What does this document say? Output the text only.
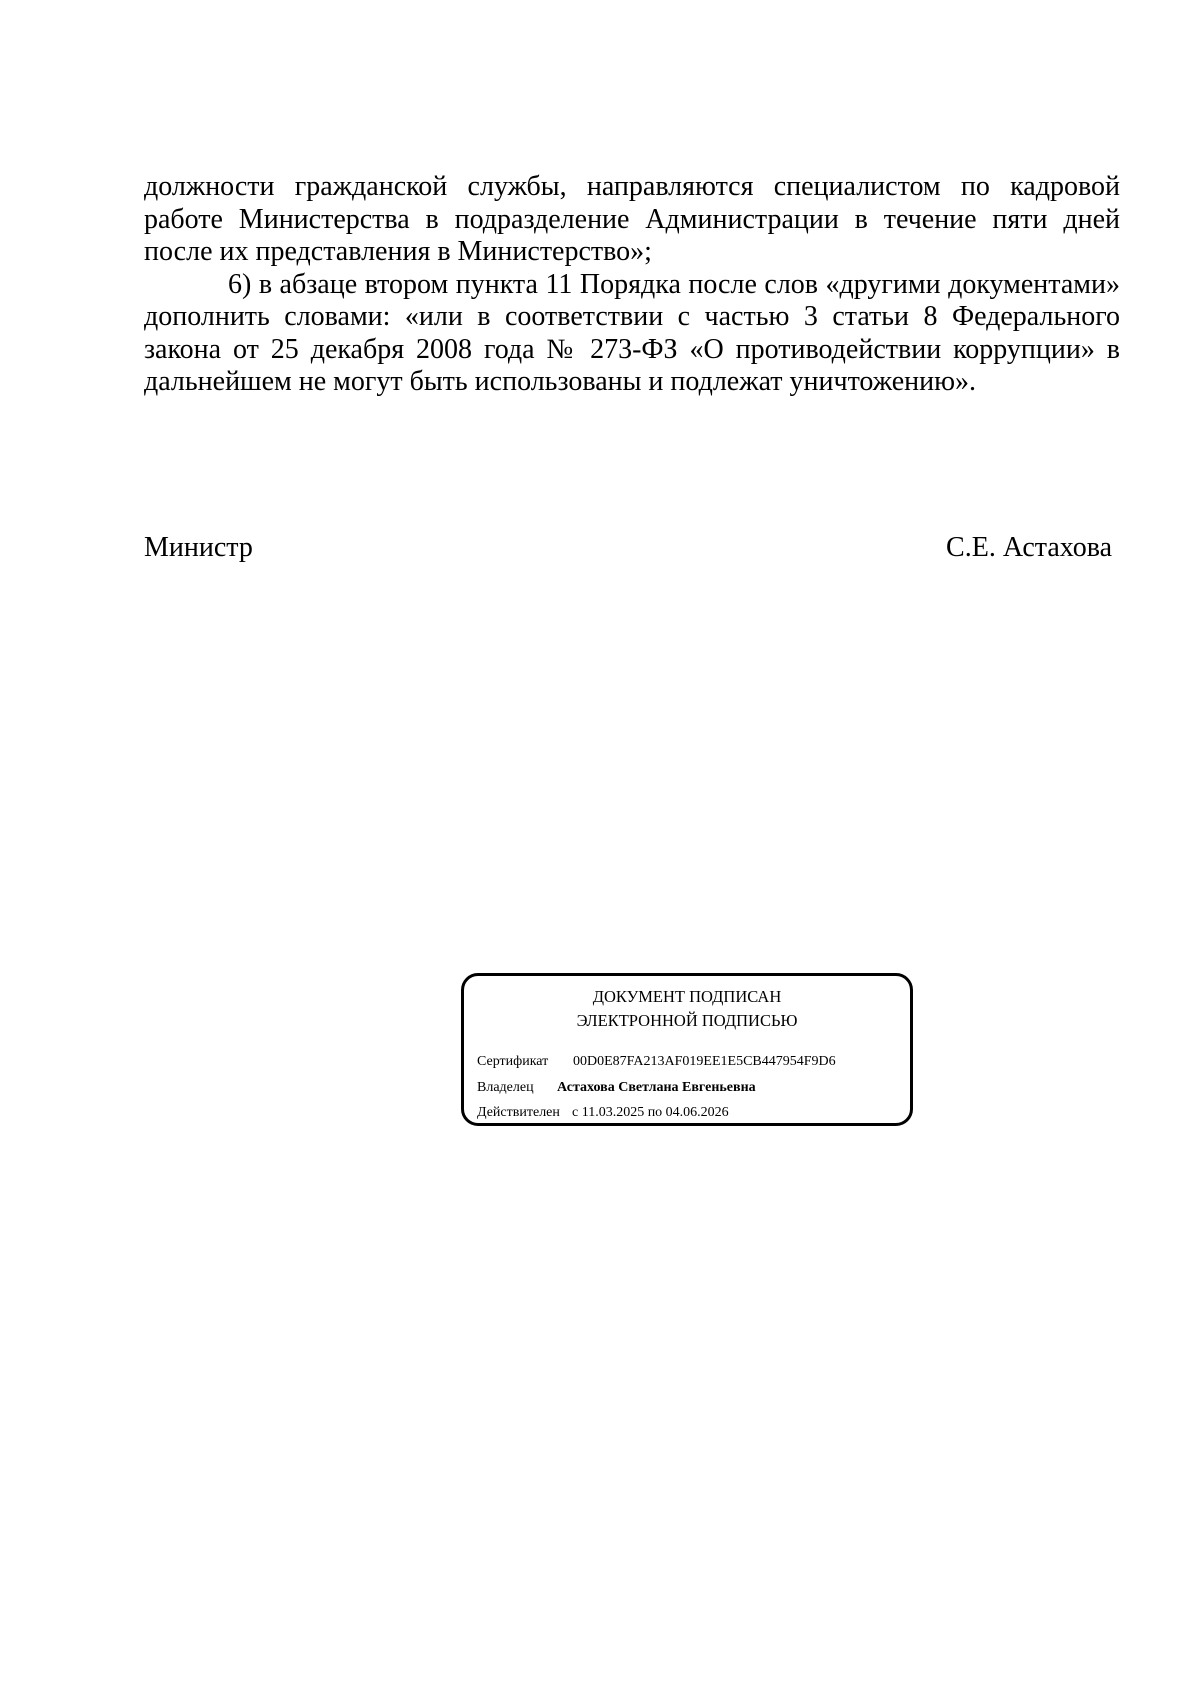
должности гражданской службы, направляются специалистом по кадровой работе Министерства в подразделение Администрации в течение пяти дней после их представления в Министерство»;

6) в абзаце втором пункта 11 Порядка после слов «другими документами» дополнить словами: «или в соответствии с частью 3 статьи 8 Федерального закона от 25 декабря 2008 года № 273-ФЗ «О противодействии коррупции» в дальнейшем не могут быть использованы и подлежат уничтожению».

Министр	С.Е. Астахова
ДОКУМЕНТ ПОДПИСАН
ЭЛЕКТРОННОЙ ПОДПИСЬЮ
Сертификат 00D0E87FA213AF019EE1E5CB447954F9D6
Владелец Астахова Светлана Евгеньевна
Действителен с 11.03.2025 по 04.06.2026
